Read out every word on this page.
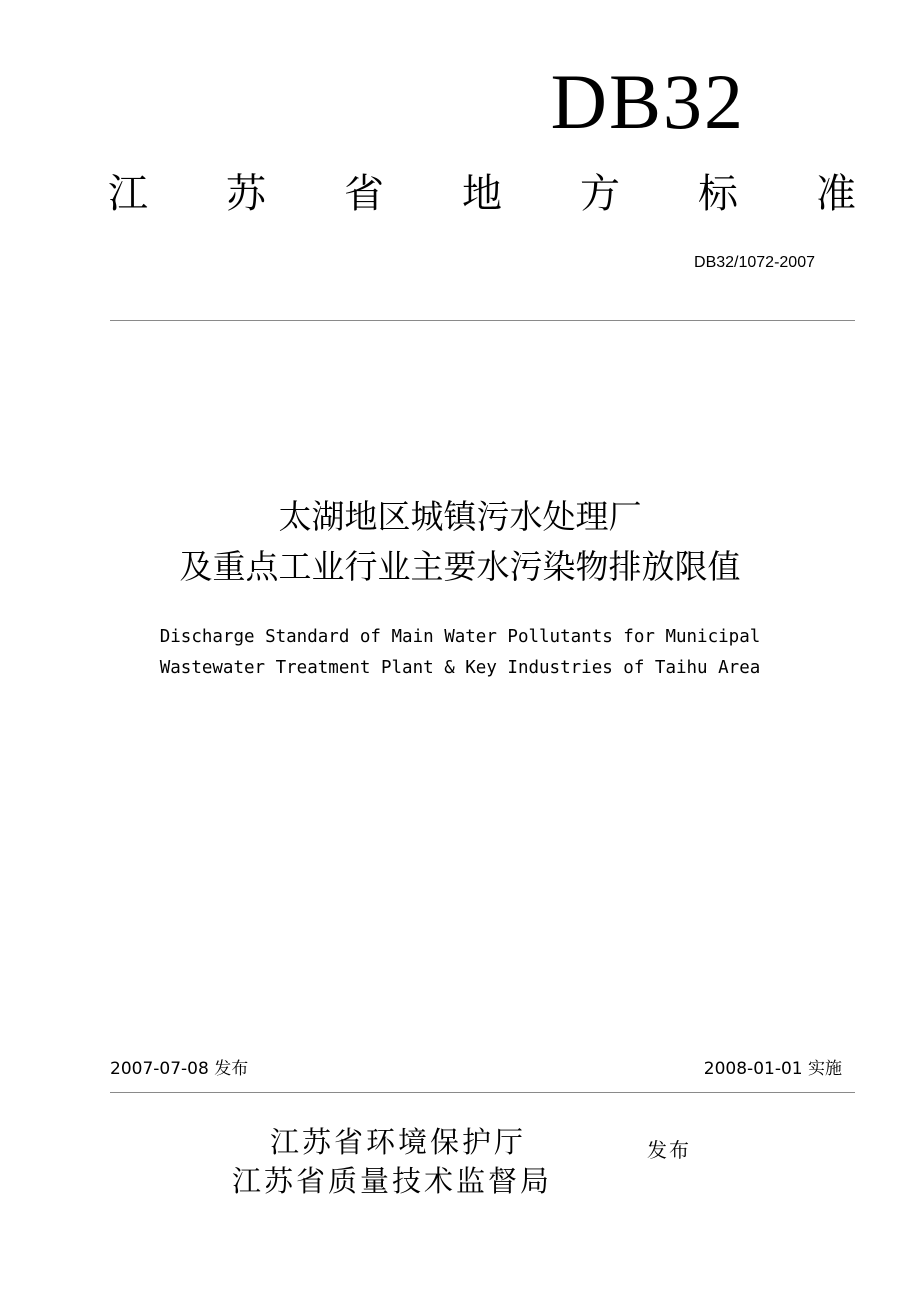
DB32
江 苏 省 地 方 标 准
DB32/1072-2007
太湖地区城镇污水处理厂
及重点工业行业主要水污染物排放限值
Discharge Standard of Main Water Pollutants for Municipal
Wastewater Treatment Plant & Key Industries of Taihu Area
2007-07-08 发布	2008-01-01 实施
江苏省环境保护厅
江苏省质量技术监督局
发布
